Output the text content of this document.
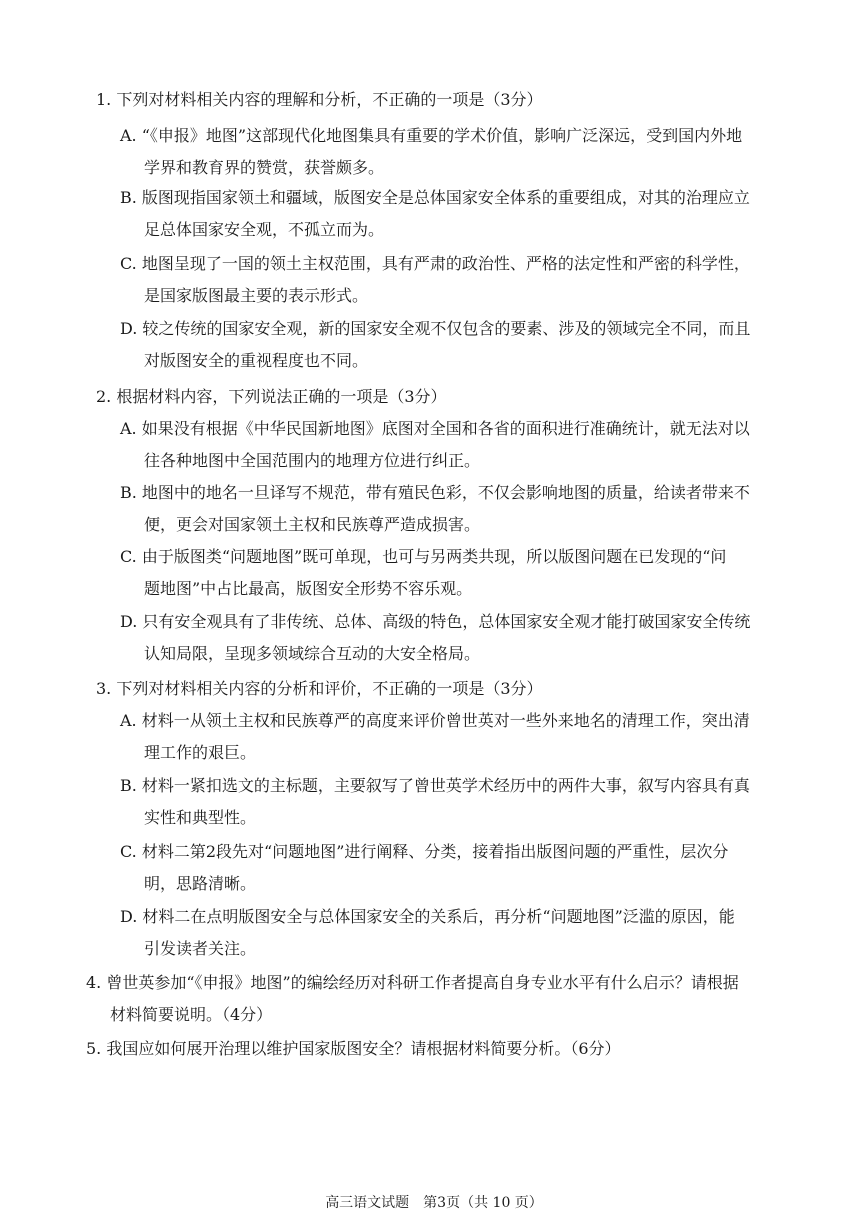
1. 下列对材料相关内容的理解和分析，不正确的一项是（3分）
A. “《申报》地图”这部现代化地图集具有重要的学术价值，影响广泛深远，受到国内外地
学界和教育界的赞赏，获誉颇多。
B. 版图现指国家领土和疆域，版图安全是总体国家安全体系的重要组成，对其的治理应立
足总体国家安全观，不孤立而为。
C. 地图呈现了一国的领土主权范围，具有严肃的政治性、严格的法定性和严密的科学性，
是国家版图最主要的表示形式。
D. 较之传统的国家安全观，新的国家安全观不仅包含的要素、涉及的领域完全不同，而且
对版图安全的重视程度也不同。
2. 根据材料内容，下列说法正确的一项是（3分）
A. 如果没有根据《中华民国新地图》底图对全国和各省的面积进行准确统计，就无法对以
往各种地图中全国范围内的地理方位进行纠正。
B. 地图中的地名一旦译写不规范，带有殖民色彩，不仅会影响地图的质量，给读者带来不
便，更会对国家领土主权和民族尊严造成损害。
C. 由于版图类“问题地图”既可单现，也可与另两类共现，所以版图问题在已发现的“问
题地图”中占比最高，版图安全形势不容乐观。
D. 只有安全观具有了非传统、总体、高级的特色，总体国家安全观才能打破国家安全传统
认知局限，呈现多领域综合互动的大安全格局。
3. 下列对材料相关内容的分析和评价，不正确的一项是（3分）
A. 材料一从领土主权和民族尊严的高度来评价曾世英对一些外来地名的清理工作，突出清
理工作的艰巨。
B. 材料一紧扣选文的主标题，主要叙写了曾世英学术经历中的两件大事，叙写内容具有真
实性和典型性。
C. 材料二第2段先对“问题地图”进行阐释、分类，接着指出版图问题的严重性，层次分
明，思路清晰。
D. 材料二在点明版图安全与总体国家安全的关系后，再分析“问题地图”泛滥的原因，能
引发读者关注。
4. 曾世英参加“《申报》地图”的编绘经历对科研工作者提高自身专业水平有什么启示？请根据
材料简要说明。（4分）
5. 我国应如何展开治理以维护国家版图安全？请根据材料简要分析。（6分）
高三语文试题　第3页（共 10 页）
